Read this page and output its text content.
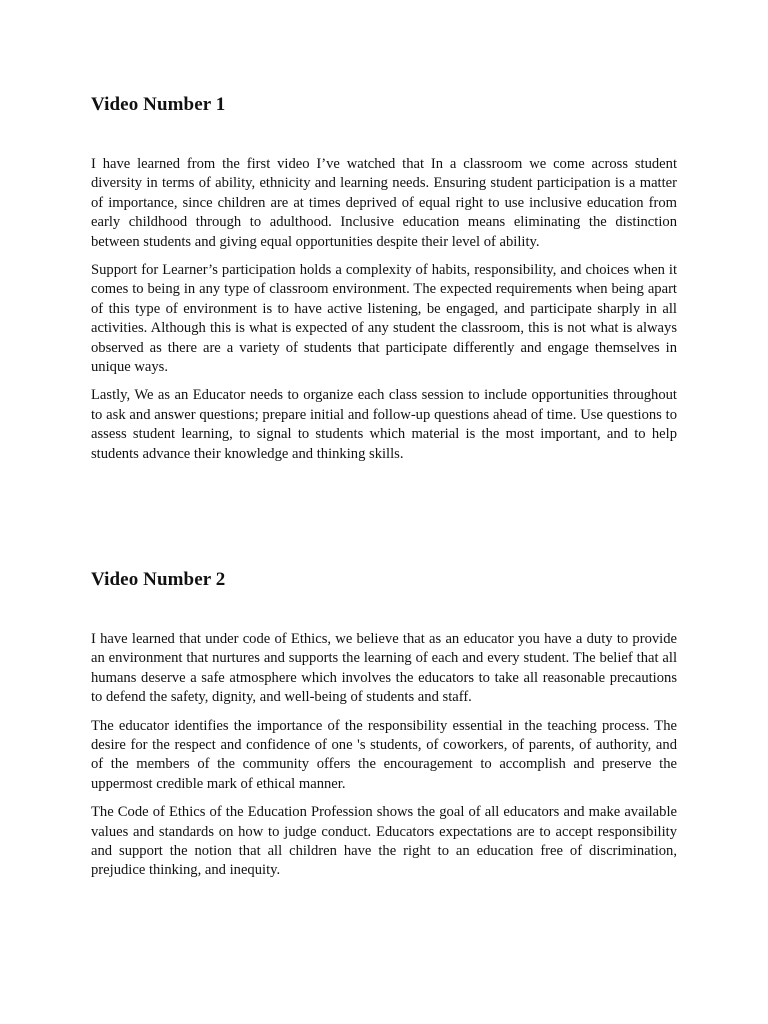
Video Number 1

I have learned from the first video I’ve watched that In a classroom we come across student diversity in terms of ability, ethnicity and learning needs. Ensuring student participation is a matter of importance, since children are at times deprived of equal right to use inclusive education from early childhood through to adulthood. Inclusive education means eliminating the distinction between students and giving equal opportunities despite their level of ability.

Support for Learner’s participation holds a complexity of habits, responsibility, and choices when it comes to being in any type of classroom environment. The expected requirements when being apart of this type of environment is to have active listening, be engaged, and participate sharply in all activities. Although this is what is expected of any student the classroom, this is not what is always observed as there are a variety of students that participate differently and engage themselves in unique ways.

Lastly, We as an Educator needs to organize each class session to include opportunities throughout to ask and answer questions; prepare initial and follow-up questions ahead of time. Use questions to assess student learning, to signal to students which material is the most important, and to help students advance their knowledge and thinking skills.

Video Number 2

I have learned that under code of Ethics, we believe that as an educator you have a duty to provide an environment that nurtures and supports the learning of each and every student. The belief that all humans deserve a safe atmosphere which involves the educators to take all reasonable precautions to defend the safety, dignity, and well-being of students and staff.

The educator identifies the importance of the responsibility essential in the teaching process. The desire for the respect and confidence of one 's students, of coworkers, of parents, of authority, and of the members of the community offers the encouragement to accomplish and preserve the uppermost credible mark of ethical manner.

The Code of Ethics of the Education Profession shows the goal of all educators and make available values and standards on how to judge conduct. Educators expectations are to accept responsibility and support the notion that all children have the right to an education free of discrimination, prejudice thinking, and inequity.
